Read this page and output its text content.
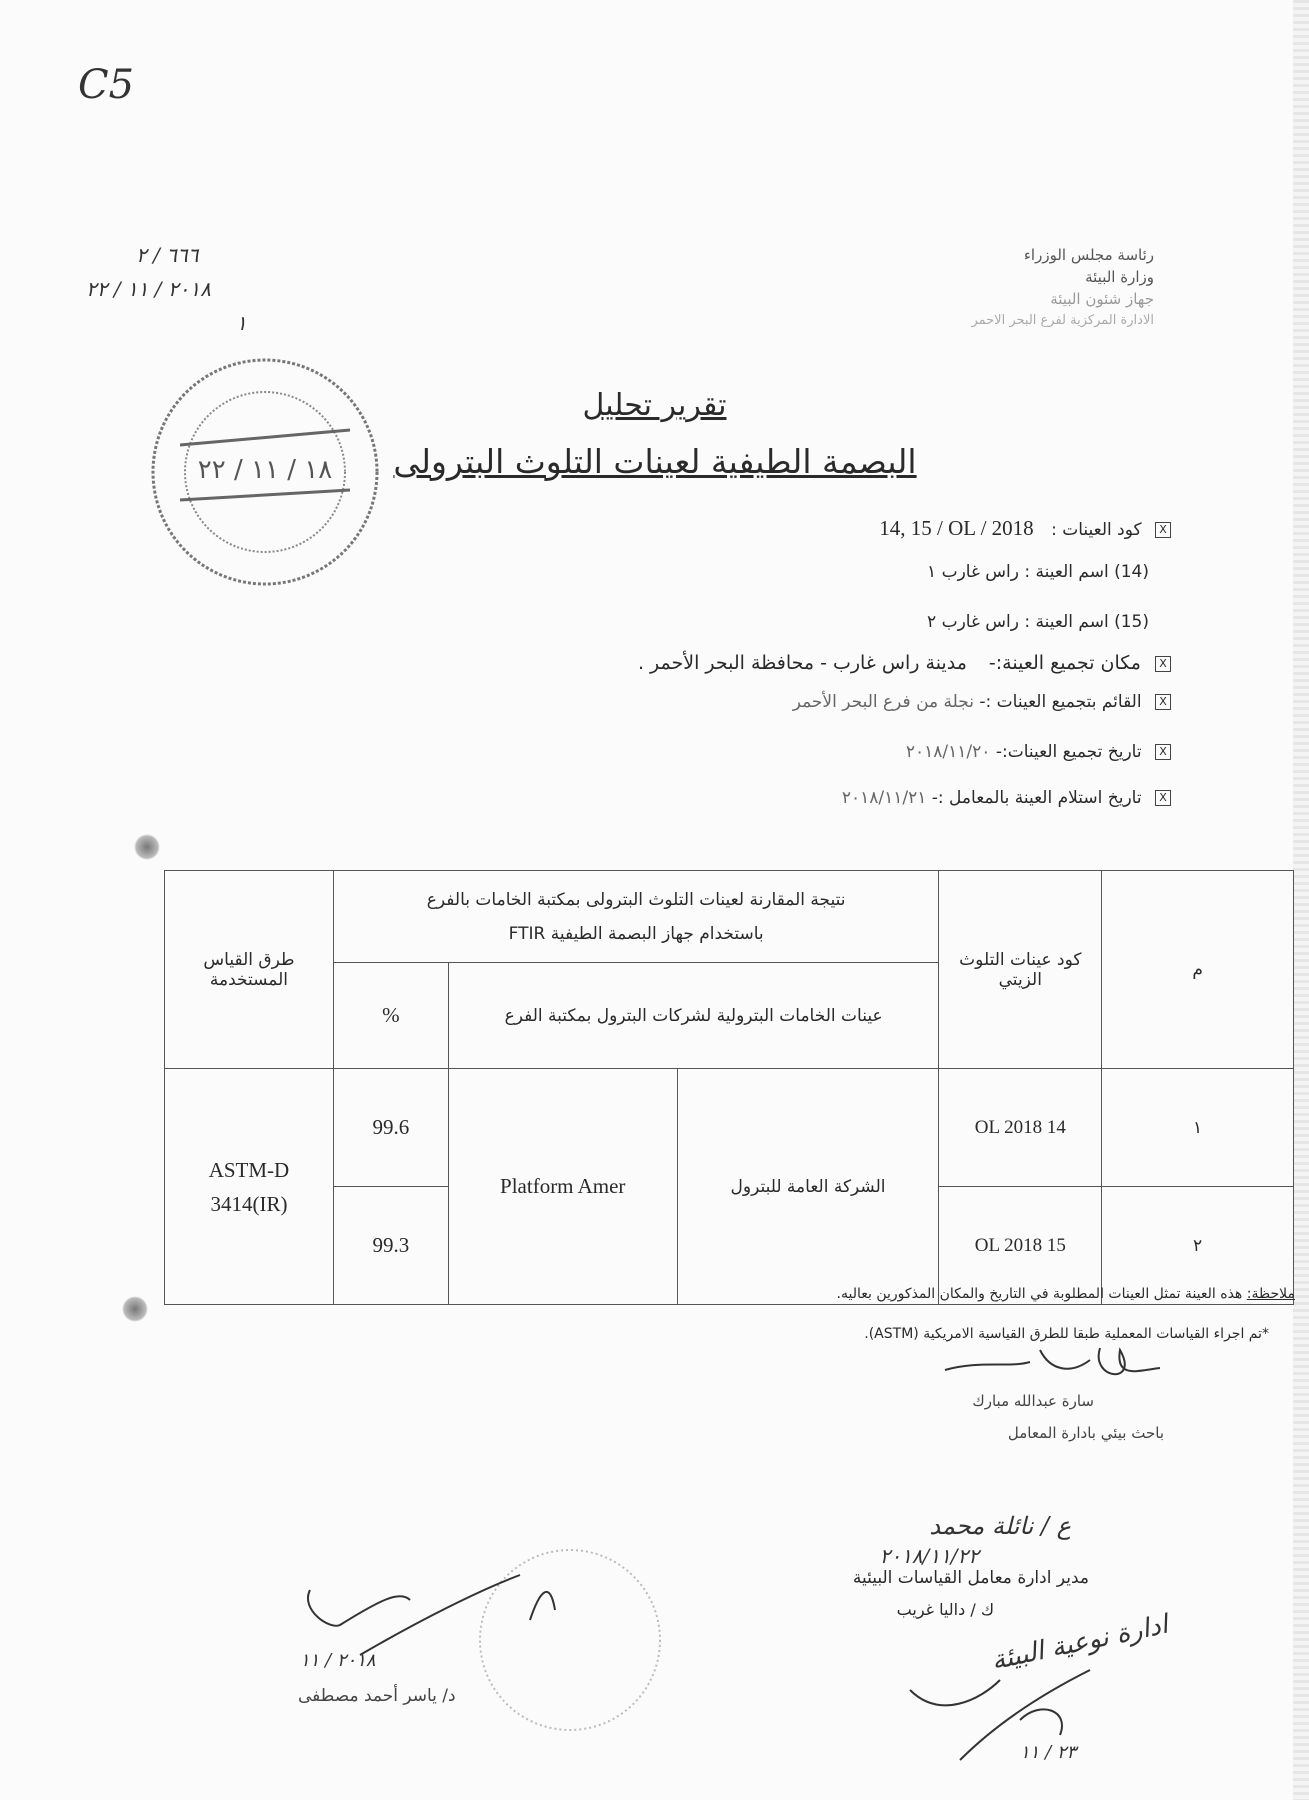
C5
رئاسة مجلس الوزراء
وزارة البيئة
جهاز شئون البيئة
الادارة المركزية لفرع البحر الاحمر
٦٦٦ / ٢
٢٠١٨ / ١١ / ٢٢
١
١٨ / ١١ / ٢٢
تقرير تحليل
البصمة الطيفية لعينات التلوث البترولى
X كود العينات : 14, 15 / OL / 2018
(14) اسم العينة : راس غارب ١
(15) اسم العينة : راس غارب ٢
X مكان تجميع العينة:- مدينة راس غارب - محافظة البحر الأحمر .
X القائم بتجميع العينات :- نجلة من فرع البحر الأحمر
X تاريخ تجميع العينات:- ٢٠١٨/١١/٢٠
X تاريخ استلام العينة بالمعامل :- ٢٠١٨/١١/٢١
م	كود عينات التلوث الزيتي	نتيجة المقارنة لعينات التلوث البترولى بمكتبة الخامات بالفرع
باستخدام جهاز البصمة الطيفية FTIR			طرق القياس المستخدمة
		عينات الخامات البترولية لشركات البترول بمكتبة الفرع		%	
١	14 OL 2018	الشركة العامة للبترول	Platform Amer	99.6	ASTM-D 3414(IR)
٢	15 OL 2018			99.3	
ملاحظة: هذه العينة تمثل العينات المطلوبة في التاريخ والمكان المذكورين بعاليه.
*تم اجراء القياسات المعملية طبقا للطرق القياسية الامريكية (ASTM).
سارة عبدالله مبارك
باحث بيئي بادارة المعامل
ع / نائلة محمد
٢٠١٨/١١/٢٢
مدير ادارة معامل القياسات البيئية
ك / داليا غريب
ادارة نوعية البيئة
٢٣ / ١١
٢٠١٨ / ١١
د/ ياسر أحمد مصطفى
